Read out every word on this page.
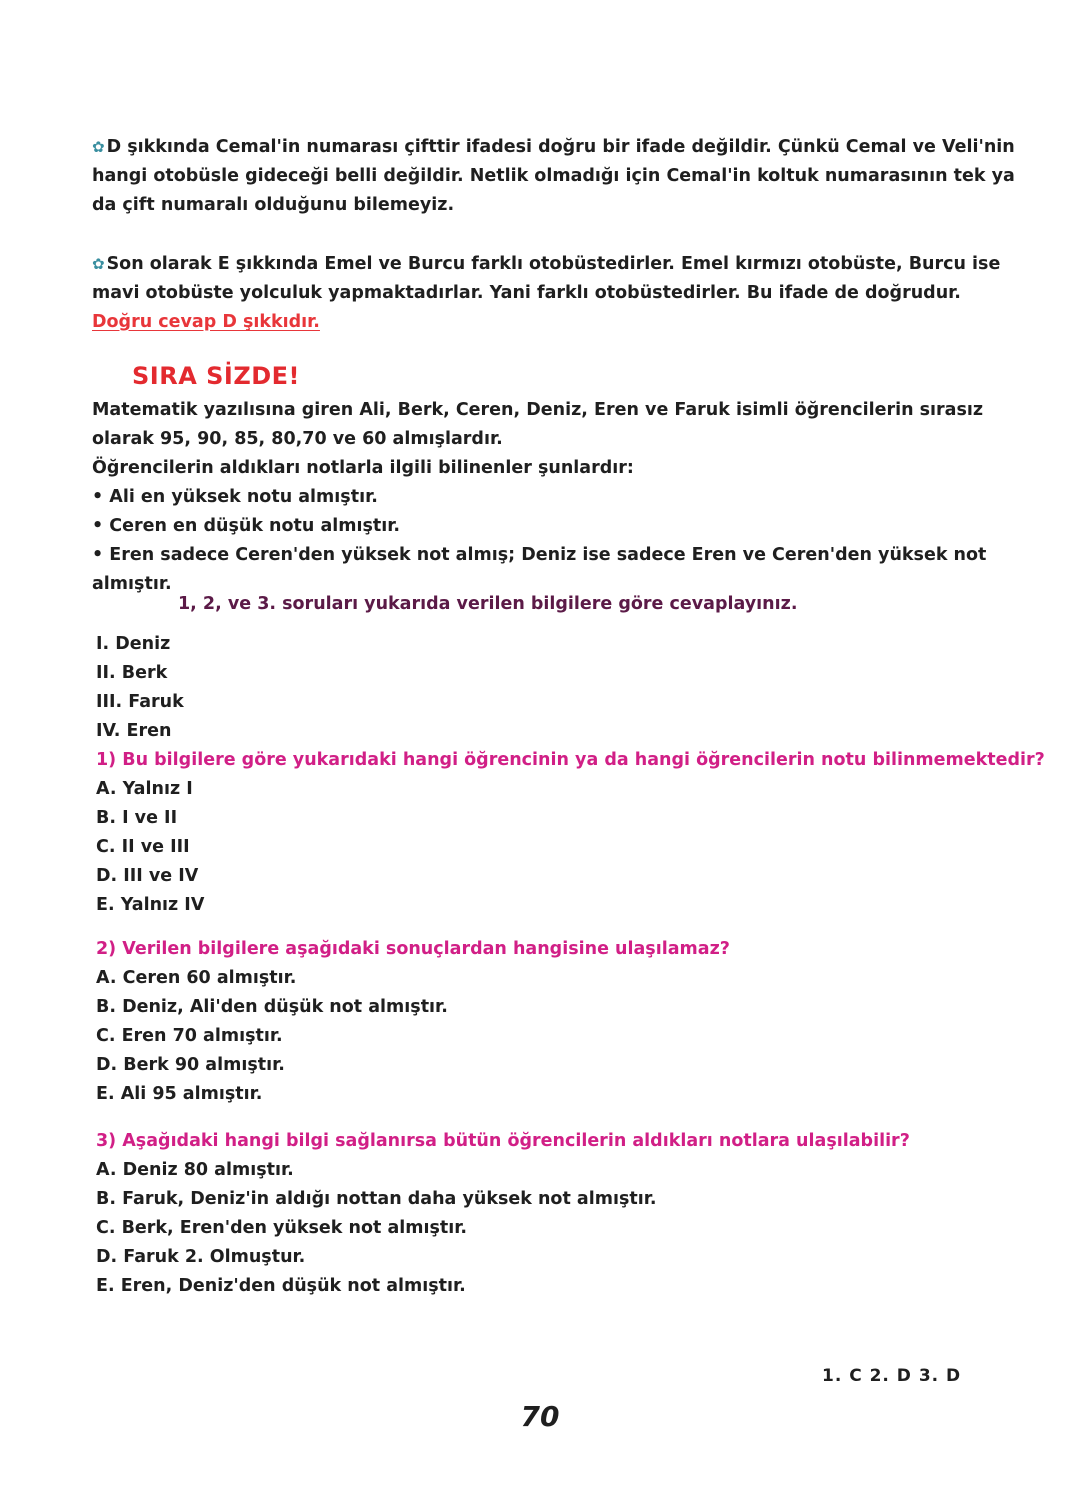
✿ D şıkkında Cemal'in numarası çifttir ifadesi doğru bir ifade değildir. Çünkü Cemal ve Veli'nin
hangi otobüsle gideceği belli değildir. Netlik olmadığı için Cemal'in koltuk numarasının tek ya
da çift numaralı olduğunu bilemeyiz.
✿ Son olarak E şıkkında Emel ve Burcu farklı otobüstedirler. Emel kırmızı otobüste, Burcu ise
mavi otobüste yolculuk yapmaktadırlar. Yani farklı otobüstedirler. Bu ifade de doğrudur.
Doğru cevap D şıkkıdır.
SIRA SİZDE!
Matematik yazılısına giren Ali, Berk, Ceren, Deniz, Eren ve Faruk isimli öğrencilerin sırasız
olarak 95, 90, 85, 80,70 ve 60 almışlardır.
Öğrencilerin aldıkları notlarla ilgili bilinenler şunlardır:
• Ali en yüksek notu almıştır.
• Ceren en düşük notu almıştır.
• Eren sadece Ceren'den yüksek not almış; Deniz ise sadece Eren ve Ceren'den yüksek not
almıştır.
1, 2, ve 3. soruları yukarıda verilen bilgilere göre cevaplayınız.
I. Deniz
II. Berk
III. Faruk
IV. Eren
1) Bu bilgilere göre yukarıdaki hangi öğrencinin ya da hangi öğrencilerin notu bilinmemektedir?
A. Yalnız I
B. I ve II
C. II ve III
D. III ve IV
E. Yalnız IV
2) Verilen bilgilere aşağıdaki sonuçlardan hangisine ulaşılamaz?
A. Ceren 60 almıştır.
B. Deniz, Ali'den düşük not almıştır.
C. Eren 70 almıştır.
D. Berk 90 almıştır.
E. Ali 95 almıştır.
3) Aşağıdaki hangi bilgi sağlanırsa bütün öğrencilerin aldıkları notlara ulaşılabilir?
A. Deniz 80 almıştır.
B. Faruk, Deniz'in aldığı nottan daha yüksek not almıştır.
C. Berk, Eren'den yüksek not almıştır.
D. Faruk 2. Olmuştur.
E. Eren, Deniz'den düşük not almıştır.
1. C 2. D 3. D
70
